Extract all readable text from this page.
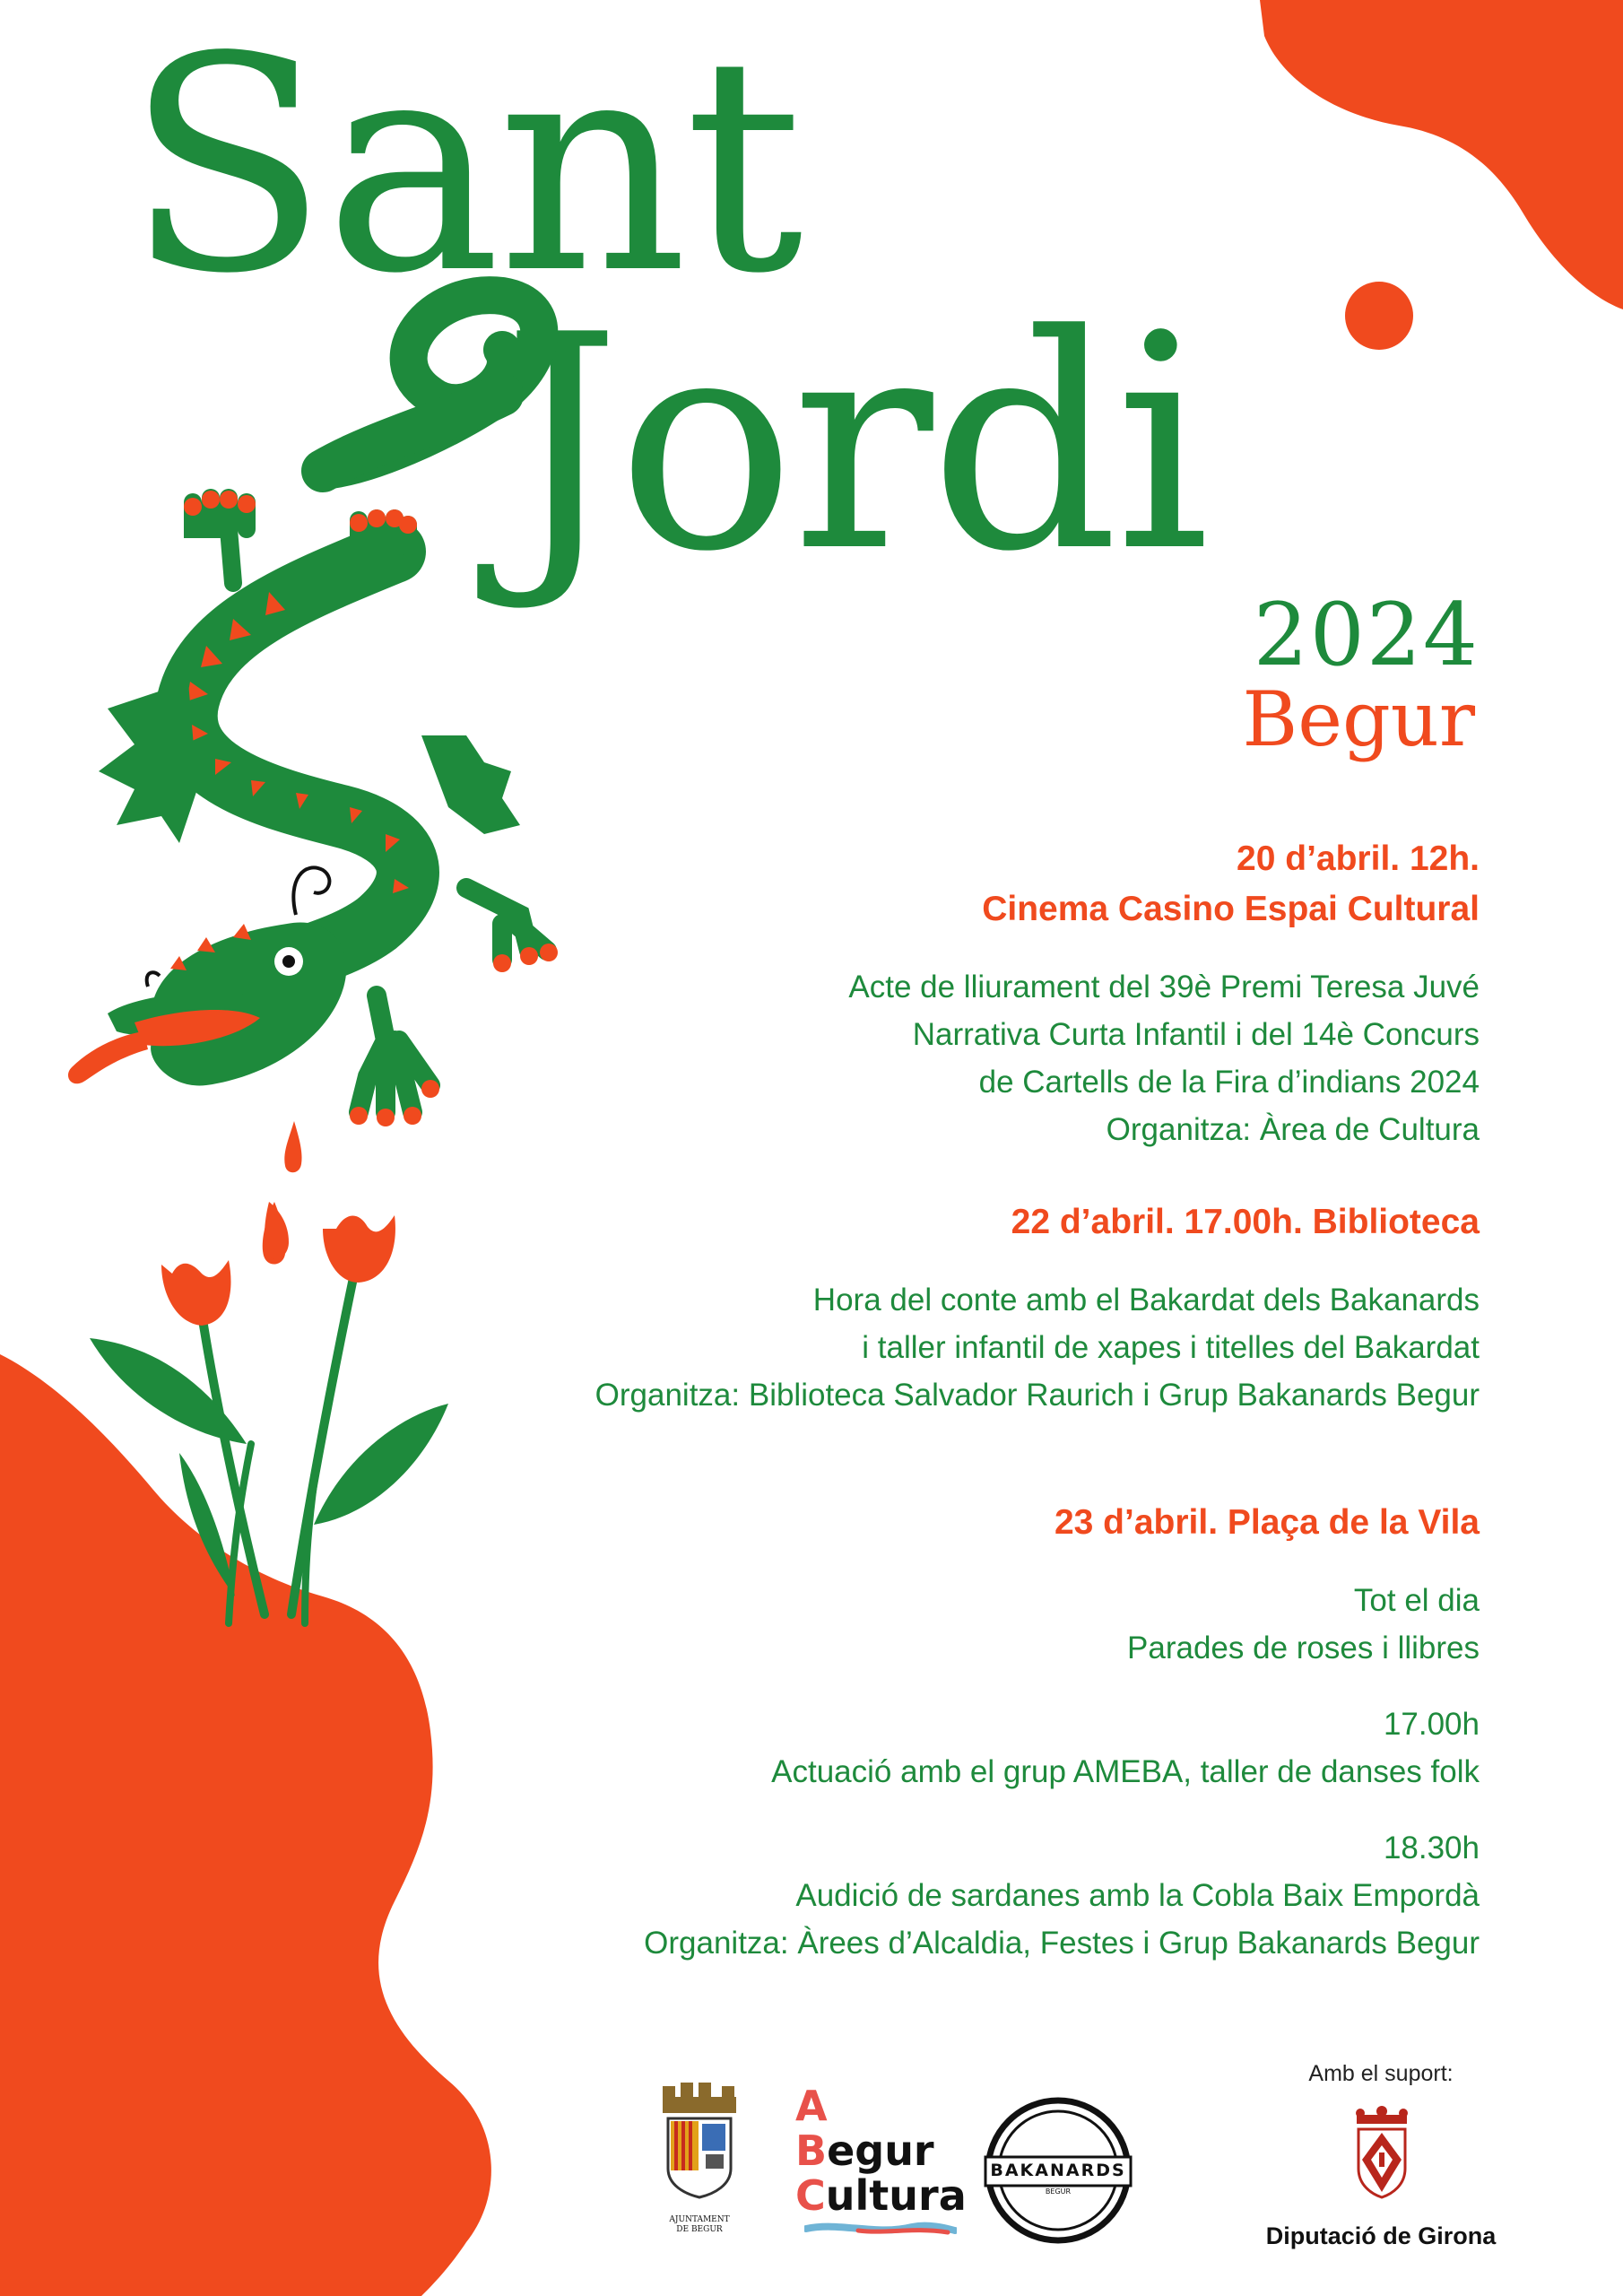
Sant
Jordi
2024
Begur

20 d’abril. 12h.

Cinema Casino Espai Cultural

Acte de lliurament del 39è Premi Teresa Juvé

Narrativa Curta Infantil i del 14è Concurs

de Cartells de la Fira d’indians 2024

Organitza: Àrea de Cultura

22 d’abril. 17.00h. Biblioteca

Hora del conte amb el Bakardat dels Bakanards

i taller infantil de xapes i titelles del Bakardat

Organitza: Biblioteca Salvador Raurich i Grup Bakanards Begur

23 d’abril. Plaça de la Vila

Tot el dia

Parades de roses i llibres

17.00h

Actuació amb el grup AMEBA, taller de danses folk

18.30h

Audició de sardanes amb la Cobla Baix Empordà

Organitza: Àrees d’Alcaldia, Festes i Grup Bakanards Begur

AJUNTAMENT
DE BEGUR
A
Begur
Cultura
BAKANARDS
BEGUR
Amb el suport:
Diputació de Girona
